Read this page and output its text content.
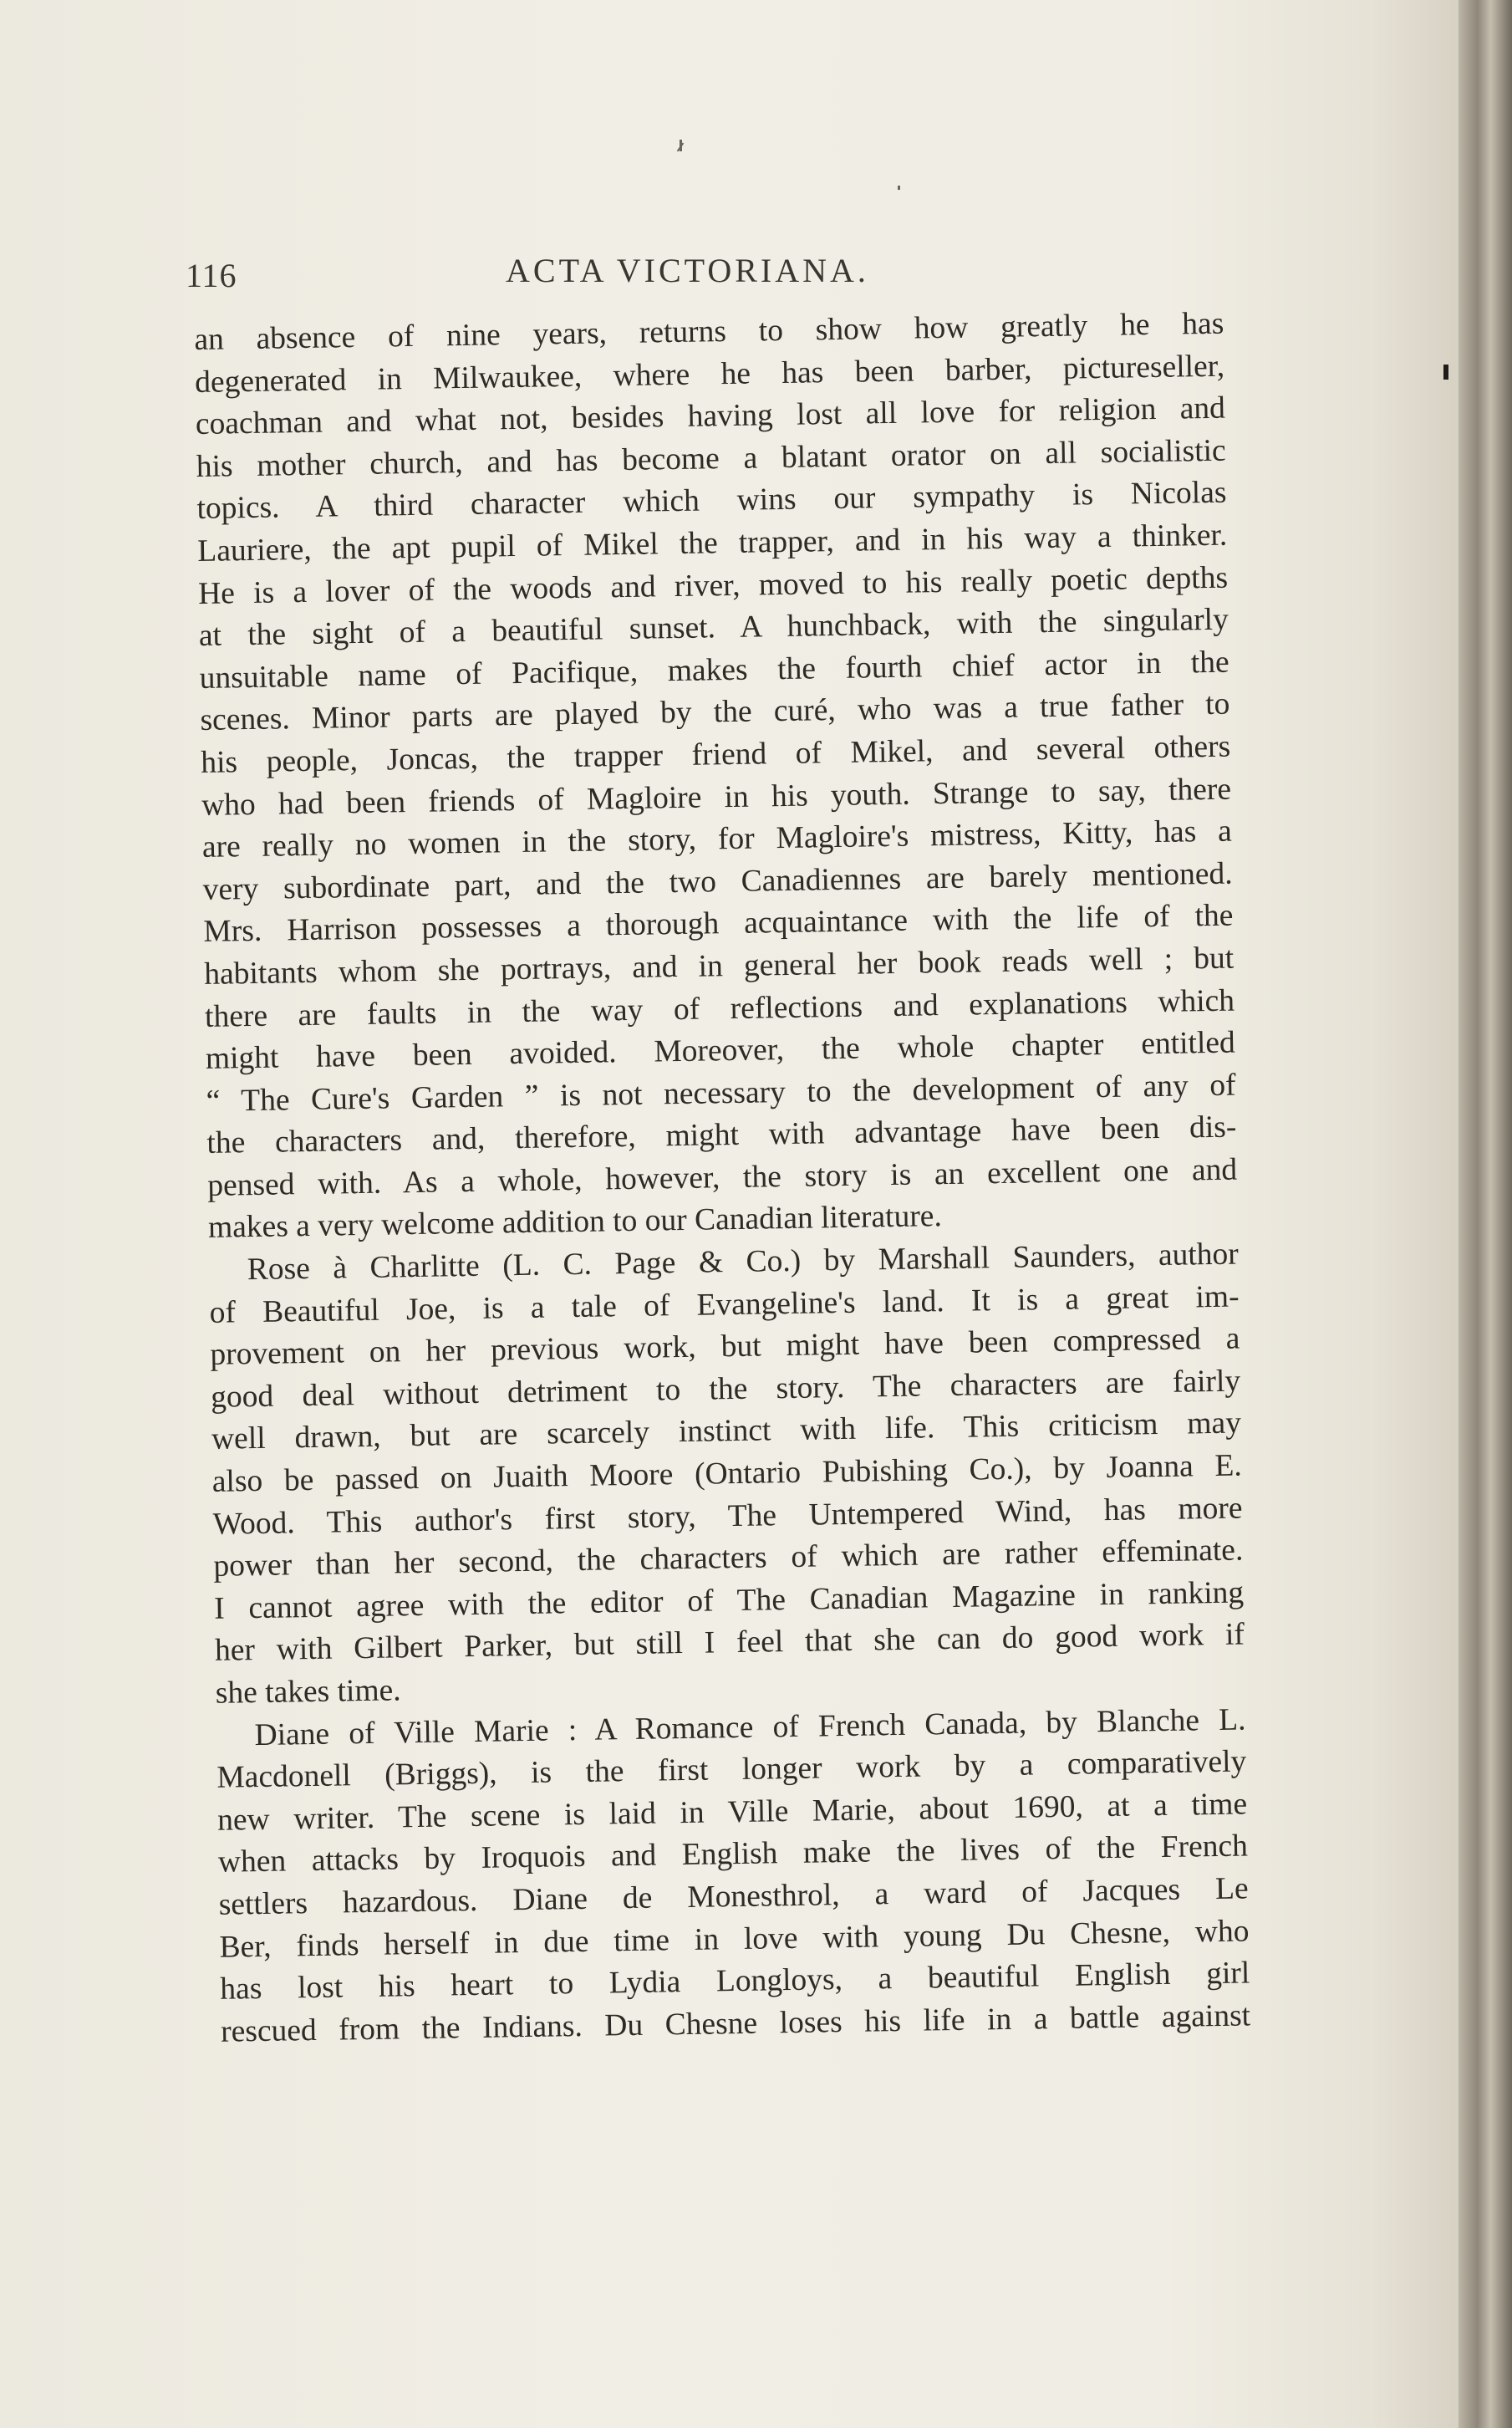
116	ACTA VICTORIANA.
an absence of nine years, returns to show how greatly he has
degenerated in Milwaukee, where he has been barber, pictureseller,
coachman and what not, besides having lost all love for religion and
his mother church, and has become a blatant orator on all socialistic
topics. A third character which wins our sympathy is Nicolas
Lauriere, the apt pupil of Mikel the trapper, and in his way a thinker.
He is a lover of the woods and river, moved to his really poetic depths
at the sight of a beautiful sunset. A hunchback, with the singularly
unsuitable name of Pacifique, makes the fourth chief actor in the
scenes. Minor parts are played by the curé, who was a true father to
his people, Joncas, the trapper friend of Mikel, and several others
who had been friends of Magloire in his youth. Strange to say, there
are really no women in the story, for Magloire's mistress, Kitty, has a
very subordinate part, and the two Canadiennes are barely mentioned.
Mrs. Harrison possesses a thorough acquaintance with the life of the
habitants whom she portrays, and in general her book reads well ; but
there are faults in the way of reflections and explanations which
might have been avoided. Moreover, the whole chapter entitled
“ The Cure's Garden ” is not necessary to the development of any of
the characters and, therefore, might with advantage have been dis-
pensed with. As a whole, however, the story is an excellent one and
makes a very welcome addition to our Canadian literature.
Rose à Charlitte (L. C. Page & Co.) by Marshall Saunders, author
of Beautiful Joe, is a tale of Evangeline's land. It is a great im-
provement on her previous work, but might have been compressed a
good deal without detriment to the story. The characters are fairly
well drawn, but are scarcely instinct with life. This criticism may
also be passed on Juaith Moore (Ontario Pubishing Co.), by Joanna E.
Wood. This author's first story, The Untempered Wind, has more
power than her second, the characters of which are rather effeminate.
I cannot agree with the editor of The Canadian Magazine in ranking
her with Gilbert Parker, but still I feel that she can do good work if
she takes time.
Diane of Ville Marie : A Romance of French Canada, by Blanche L.
Macdonell (Briggs), is the first longer work by a comparatively
new writer. The scene is laid in Ville Marie, about 1690, at a time
when attacks by Iroquois and English make the lives of the French
settlers hazardous. Diane de Monesthrol, a ward of Jacques Le
Ber, finds herself in due time in love with young Du Chesne, who
has lost his heart to Lydia Longloys, a beautiful English girl
rescued from the Indians. Du Chesne loses his life in a battle against
